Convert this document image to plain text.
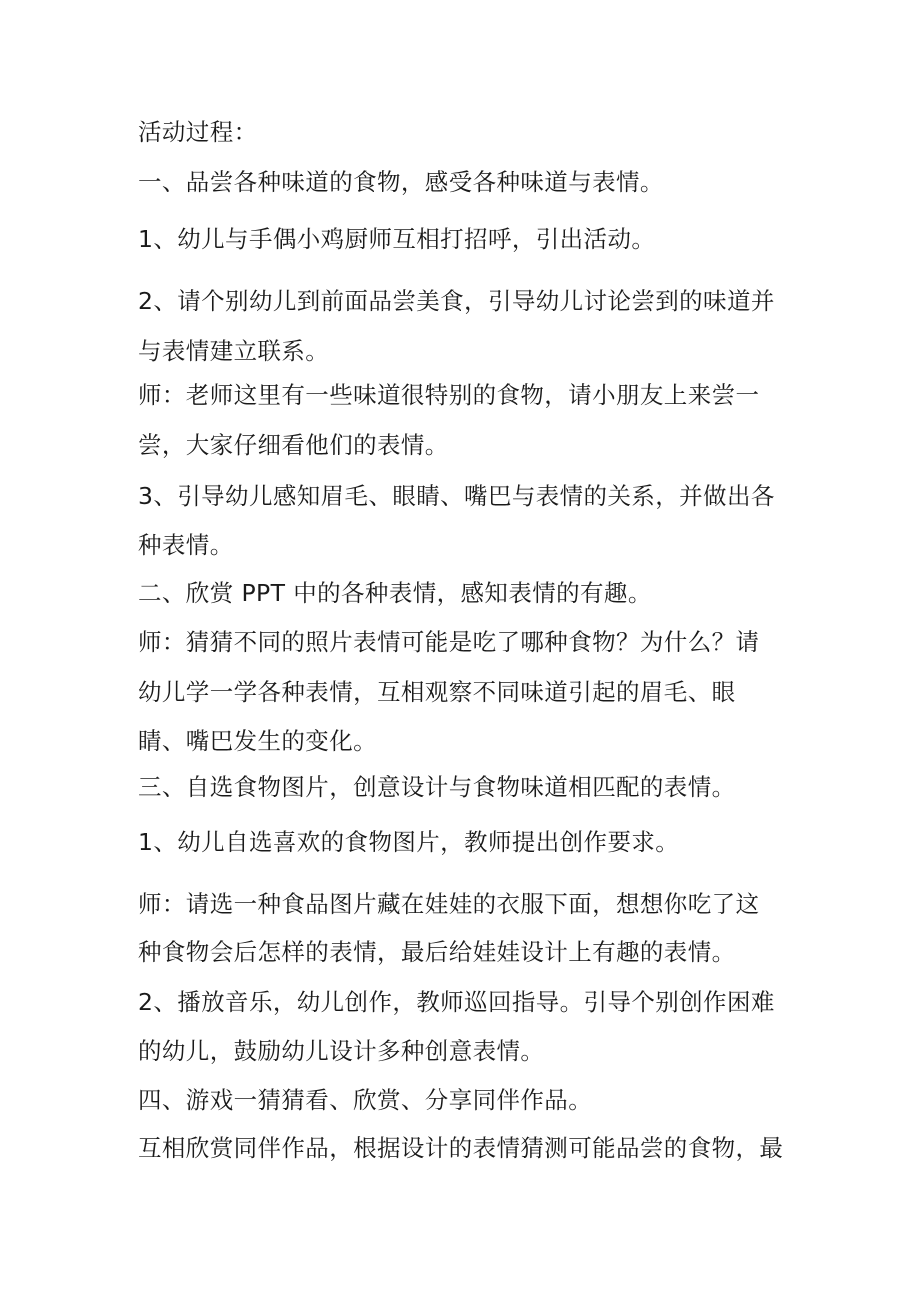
活动过程：
一、品尝各种味道的食物，感受各种味道与表情。
1、幼儿与手偶小鸡厨师互相打招呼，引出活动。
2、请个别幼儿到前面品尝美食，引导幼儿讨论尝到的味道并
与表情建立联系。
师：老师这里有一些味道很特别的食物，请小朋友上来尝一
尝，大家仔细看他们的表情。
3、引导幼儿感知眉毛、眼睛、嘴巴与表情的关系，并做出各
种表情。
二、欣赏 PPT 中的各种表情，感知表情的有趣。
师：猜猜不同的照片表情可能是吃了哪种食物？为什么？请
幼儿学一学各种表情，互相观察不同味道引起的眉毛、眼
睛、嘴巴发生的变化。
三、自选食物图片，创意设计与食物味道相匹配的表情。
1、幼儿自选喜欢的食物图片，教师提出创作要求。
师：请选一种食品图片藏在娃娃的衣服下面，想想你吃了这
种食物会后怎样的表情，最后给娃娃设计上有趣的表情。
2、播放音乐，幼儿创作，教师巡回指导。引导个别创作困难
的幼儿，鼓励幼儿设计多种创意表情。
四、游戏一猜猜看、欣赏、分享同伴作品。
互相欣赏同伴作品，根据设计的表情猜测可能品尝的食物，最
